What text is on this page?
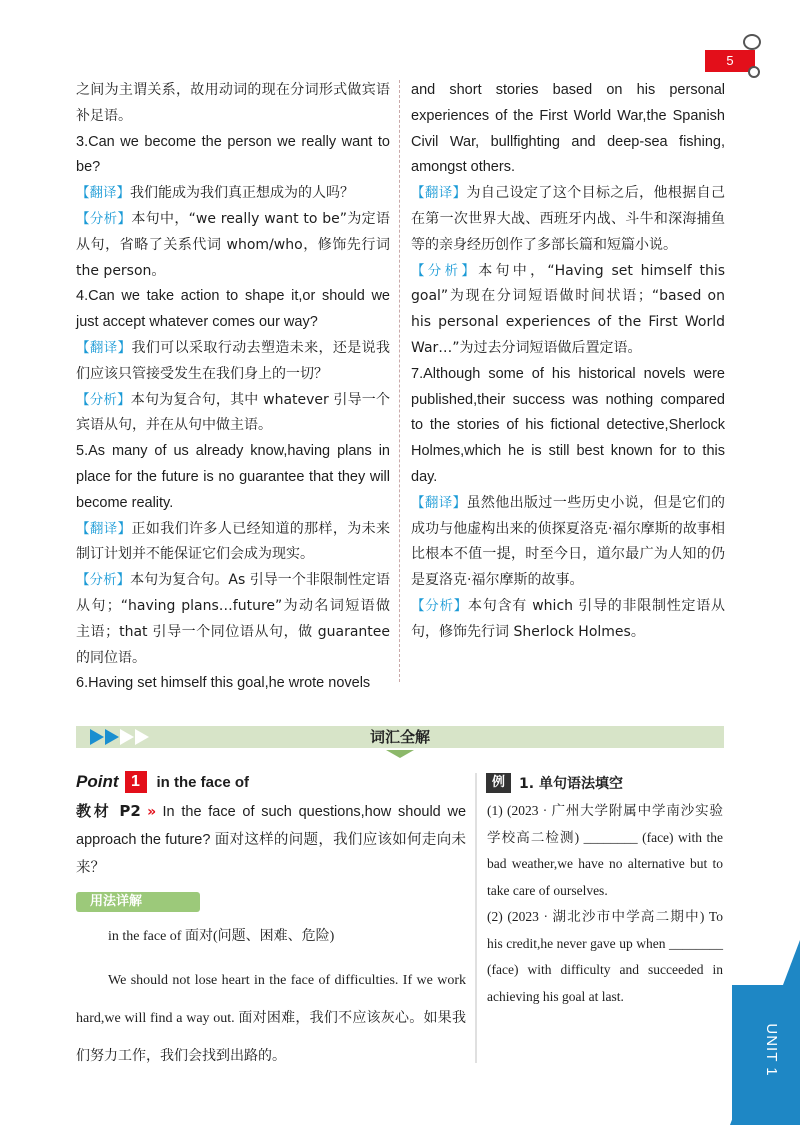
5

之间为主谓关系，故用动词的现在分词形式做宾语补足语。

3.Can we become the person we really want to be?

【翻译】我们能成为我们真正想成为的人吗？

【分析】本句中，“we really want to be”为定语从句，省略了关系代词 whom/who，修饰先行词 the person。

4.Can we take action to shape it,or should we just accept whatever comes our way?

【翻译】我们可以采取行动去塑造未来，还是说我们应该只管接受发生在我们身上的一切？

【分析】本句为复合句，其中 whatever 引导一个宾语从句，并在从句中做主语。

5.As many of us already know,having plans in place for the future is no guarantee that they will become reality.

【翻译】正如我们许多人已经知道的那样，为未来制订计划并不能保证它们会成为现实。

【分析】本句为复合句。As 引导一个非限制性定语从句；“having plans…future”为动名词短语做主语；that 引导一个同位语从句，做 guarantee 的同位语。

6.Having set himself this goal,he wrote novels

and short stories based on his personal experiences of the First World War,the Spanish Civil War, bullfighting and deep-sea fishing, amongst others.

【翻译】为自己设定了这个目标之后，他根据自己在第一次世界大战、西班牙内战、斗牛和深海捕鱼等的亲身经历创作了多部长篇和短篇小说。

【分析】本句中，“Having set himself this goal”为现在分词短语做时间状语；“based on his personal experiences of the First World War…”为过去分词短语做后置定语。

7.Although some of his historical novels were published,their success was nothing compared to the stories of his fictional detective,Sherlock Holmes,which he is still best known for to this day.

【翻译】虽然他出版过一些历史小说，但是它们的成功与他虚构出来的侦探夏洛克·福尔摩斯的故事相比根本不值一提，时至今日，道尔最广为人知的仍是夏洛克·福尔摩斯的故事。

【分析】本句含有 which 引导的非限制性定语从句，修饰先行词 Sherlock Holmes。

词汇全解
Point 1	in the face of
教材 P2 » In the face of such questions,how should we approach the future? 面对这样的问题，我们应该如何走向未来？
用法详解
in the face of 面对(问题、困难、危险)
We should not lose heart in the face of difficulties. If we work hard,we will find a way out. 面对困难，我们不应该灰心。如果我们努力工作，我们会找到出路的。
例	1. 单句语法填空

(1) (2023 · 广州大学附属中学南沙实验学校高二检测) ________ (face) with the bad weather,we have no alternative but to take care of ourselves.

(2) (2023 · 湖北沙市中学高二期中) To his credit,he never gave up when ________ (face) with difficulty and succeeded in achieving his goal at last.

UNIT 1
